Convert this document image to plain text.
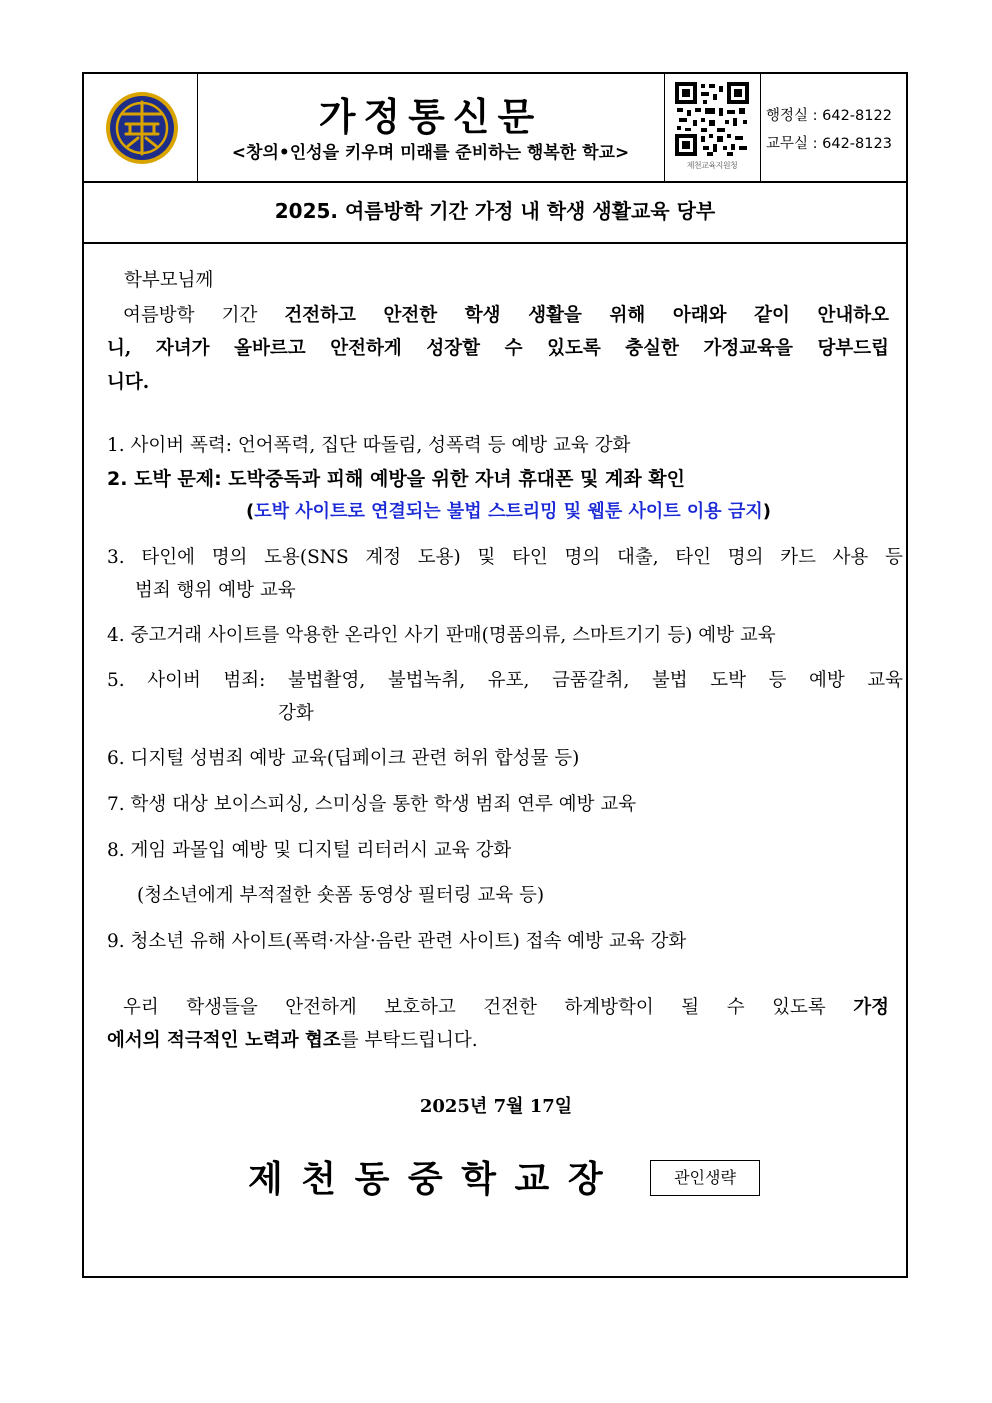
가정통신문
<창의•인성을 키우며 미래를 준비하는 행복한 학교>
제천교육지원청
행정실 : 642-8122
교무실 : 642-8123
2025. 여름방학 기간 가정 내 학생 생활교육 당부
학부모님께
여름방학 기간 건전하고 안전한 학생 생활을 위해 아래와 같이 안내하오
니, 자녀가 올바르고 안전하게 성장할 수 있도록 충실한 가정교육을 당부드립
니다.
1. 사이버 폭력: 언어폭력, 집단 따돌림, 성폭력 등 예방 교육 강화
2. 도박 문제: 도박중독과 피해 예방을 위한 자녀 휴대폰 및 계좌 확인
(도박 사이트로 연결되는 불법 스트리밍 및 웹툰 사이트 이용 금지)
3. 타인에 명의 도용(SNS 계정 도용) 및 타인 명의 대출, 타인 명의 카드 사용 등
범죄 행위 예방 교육
4. 중고거래 사이트를 악용한 온라인 사기 판매(명품의류, 스마트기기 등) 예방 교육
5. 사이버 범죄: 불법촬영, 불법녹취, 유포, 금품갈취, 불법 도박 등 예방 교육
강화
6. 디지털 성범죄 예방 교육(딥페이크 관련 허위 합성물 등)
7. 학생 대상 보이스피싱, 스미싱을 통한 학생 범죄 연루 예방 교육
8. 게임 과몰입 예방 및 디지털 리터러시 교육 강화
(청소년에게 부적절한 숏폼 동영상 필터링 교육 등)
9. 청소년 유해 사이트(폭력·자살·음란 관련 사이트) 접속 예방 교육 강화
우리 학생들을 안전하게 보호하고 건전한 하계방학이 될 수 있도록 가정
에서의 적극적인 노력과 협조를 부탁드립니다.
2025년 7월 17일
제 천 동 중 학 교 장	관인생략
